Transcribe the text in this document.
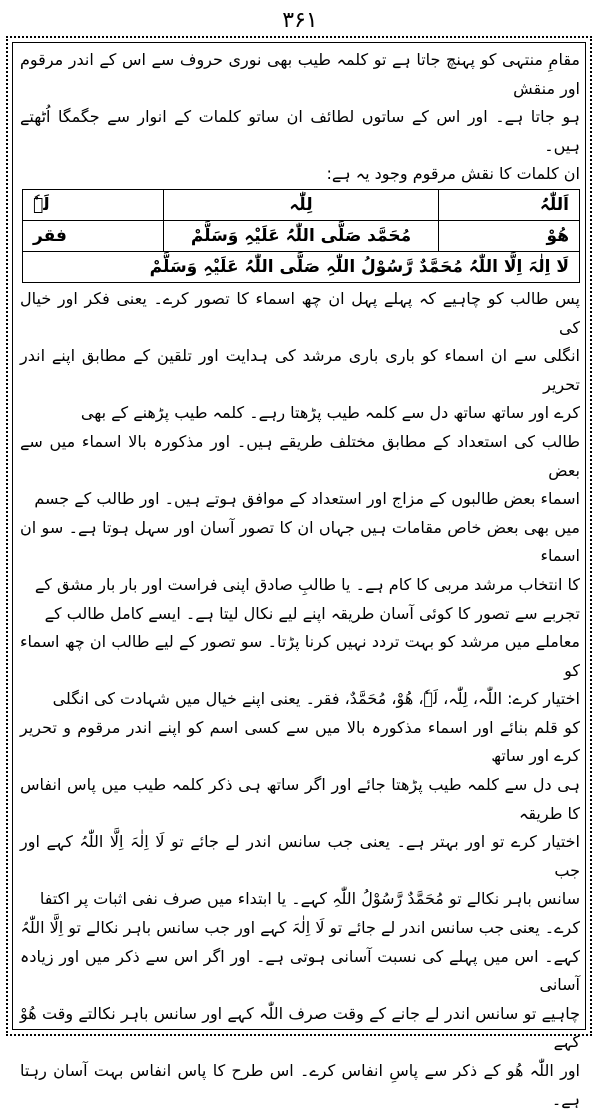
۳۶۱

مقامِ منتہی کو پہنچ جاتا ہے تو کلمہ طیب بھی نوری حروف سے اس کے اندر مرقوم اور منقش

ہو جاتا ہے۔ اور اس کے ساتوں لطائف ان ساتو کلمات کے انوار سے جگمگا اُٹھتے ہیں۔

ان کلمات کا نقش مرقوم وجود یہ ہے:

اَللّٰہُ	لِلّٰہ	لَہٗ
ھُوْ	مُحَمَّد صَلَّی اللّٰہُ عَلَیْہِ وَسَلَّمْ	فقر
لَا اِلٰہَ اِلَّا اللّٰہُ مُحَمَّدٌ رَّسُوْلُ اللّٰہِ صَلَّی اللّٰہُ عَلَیْہِ وَسَلَّمْ		

پس طالب کو چاہیے کہ پہلے پہل ان چھ اسماء کا تصور کرے۔ یعنی فکر اور خیال کی

انگلی سے ان اسماء کو باری باری مرشد کی ہدایت اور تلقین کے مطابق اپنے اندر تحریر

کرے اور ساتھ ساتھ دل سے کلمہ طیب پڑھتا رہے۔ کلمہ طیب پڑھنے کے بھی

طالب کی استعداد کے مطابق مختلف طریقے ہیں۔ اور مذکورہ بالا اسماء میں سے بعض

اسماء بعض طالبوں کے مزاج اور استعداد کے موافق ہوتے ہیں۔ اور طالب کے جسم

میں بھی بعض خاص مقامات ہیں جہاں ان کا تصور آسان اور سہل ہوتا ہے۔ سو ان اسماء

کا انتخاب مرشد مربی کا کام ہے۔ یا طالبِ صادق اپنی فراست اور بار بار مشق کے

تجربے سے تصور کا کوئی آسان طریقہ اپنے لیے نکال لیتا ہے۔ ایسے کامل طالب کے

معاملے میں مرشد کو بہت تردد نہیں کرنا پڑتا۔ سو تصور کے لیے طالب ان چھ اسماء کو

اختیار کرے: اللّٰہ، لِلّٰہ، لَہٗ، ھُوْ، مُحَمَّدٌ، فقر۔ یعنی اپنے خیال میں شہادت کی انگلی

کو قلم بنائے اور اسماء مذکورہ بالا میں سے کسی اسم کو اپنے اندر مرقوم و تحریر کرے اور ساتھ

ہی دل سے کلمہ طیب پڑھتا جائے اور اگر ساتھ ہی ذکر کلمہ طیب میں پاس انفاس کا طریقہ

اختیار کرے تو اور بہتر ہے۔ یعنی جب سانس اندر لے جائے تو لَا اِلٰہَ اِلَّا اللّٰہُ کہے اور جب

سانس باہر نکالے تو مُحَمَّدٌ رَّسُوْلُ اللّٰہِ کہے۔ یا ابتداء میں صرف نفی اثبات پر اکتفا

کرے۔ یعنی جب سانس اندر لے جائے تو لَا اِلٰہَ کہے اور جب سانس باہر نکالے تو اِلَّا اللّٰہُ

کہے۔ اس میں پہلے کی نسبت آسانی ہوتی ہے۔ اور اگر اس سے ذکر میں اور زیادہ آسانی

چاہیے تو سانس اندر لے جانے کے وقت صرف اللّٰہ کہے اور سانس باہر نکالتے وقت ھُوْ کہے

اور اللّٰہ ھُو کے ذکر سے پاسِ انفاس کرے۔ اس طرح کا پاس انفاس بہت آسان رہتا ہے۔
